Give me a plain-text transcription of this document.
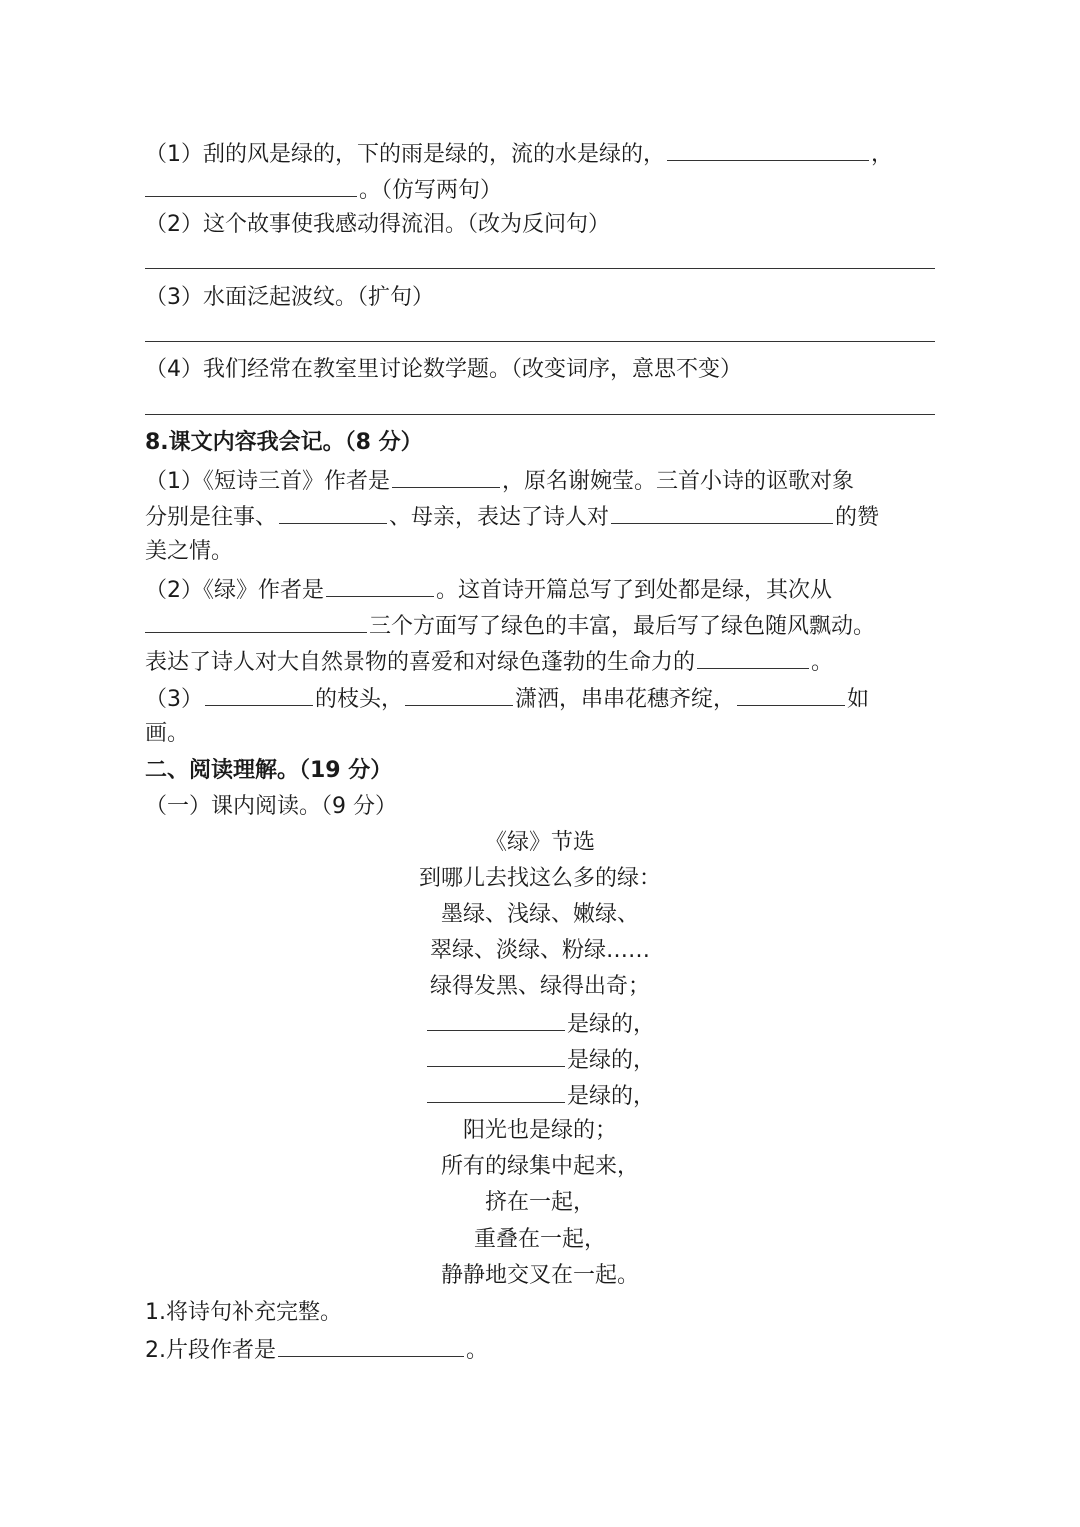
（1）刮的风是绿的，下的雨是绿的，流的水是绿的，	，
。（仿写两句）
（2）这个故事使我感动得流泪。（改为反问句）
（3）水面泛起波纹。（扩句）
（4）我们经常在教室里讨论数学题。（改变词序，意思不变）
8.课文内容我会记。（8 分）
（1）《短诗三首》作者是	，原名谢婉莹。三首小诗的讴歌对象
分别是往事、	、母亲，表达了诗人对	的赞
美之情。
（2）《绿》作者是	。这首诗开篇总写了到处都是绿，其次从
三个方面写了绿色的丰富，最后写了绿色随风飘动。
表达了诗人对大自然景物的喜爱和对绿色蓬勃的生命力的	。
（3）	的枝头，	潇洒，串串花穗齐绽，	如
画。
二、阅读理解。（19 分）
（一）课内阅读。（9 分）
《绿》节选
到哪儿去找这么多的绿：
墨绿、浅绿、嫩绿、
翠绿、淡绿、粉绿……
绿得发黑、绿得出奇；
是绿的，
是绿的，
是绿的，
阳光也是绿的；
所有的绿集中起来，
挤在一起，
重叠在一起，
静静地交叉在一起。
1.将诗句补充完整。
2.片段作者是	。
